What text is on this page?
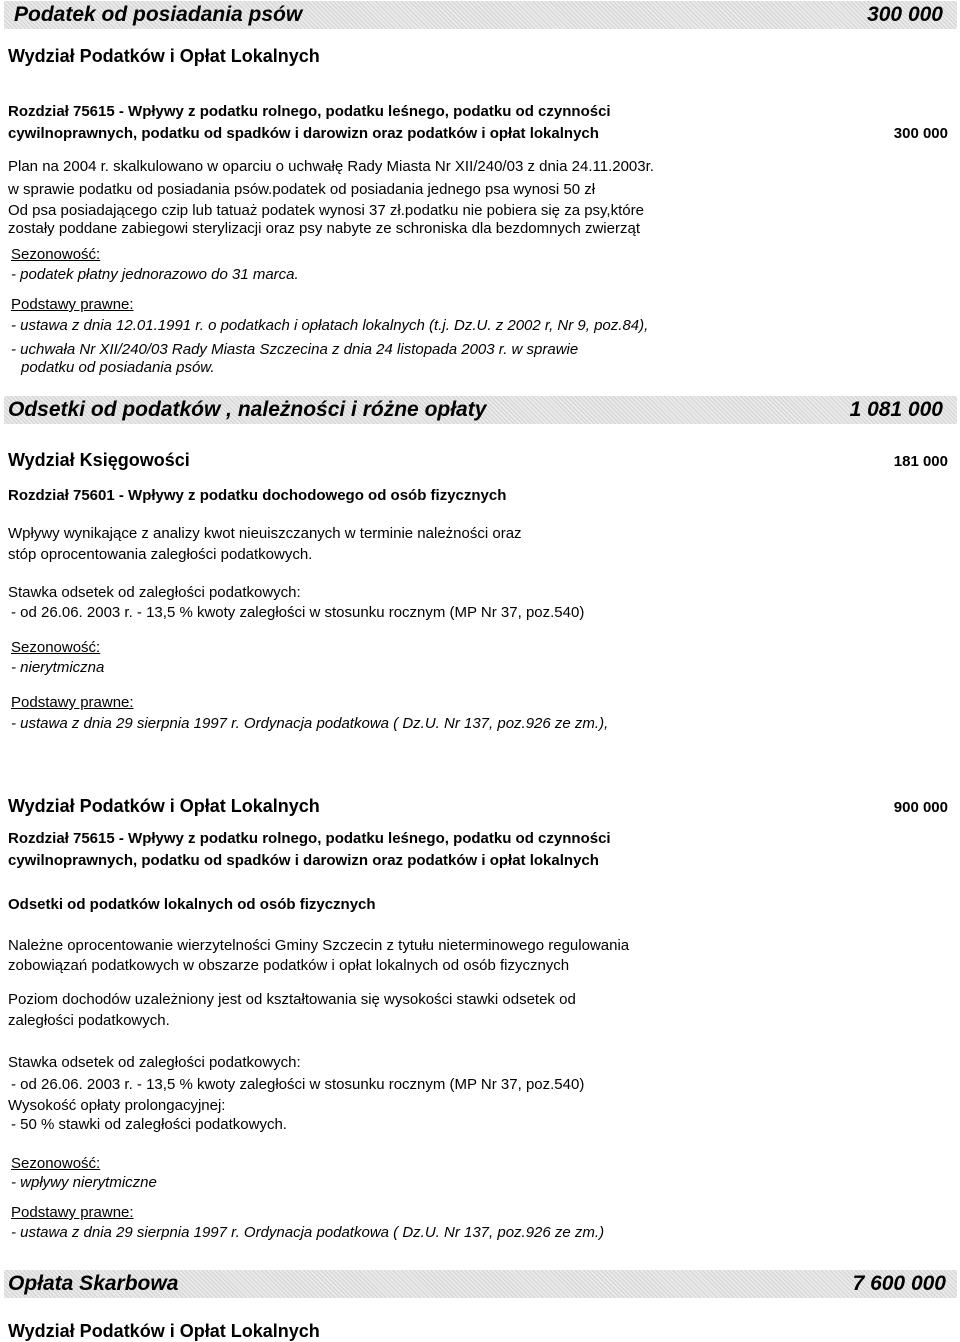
Podatek od posiadania psów	300 000
Wydział Podatków i Opłat Lokalnych
Rozdział 75615 - Wpływy z podatku rolnego, podatku leśnego, podatku od czynności
cywilnoprawnych, podatku od spadków i darowizn oraz podatków i opłat lokalnych	300 000
Plan na 2004 r. skalkulowano w oparciu o uchwałę Rady Miasta Nr XII/240/03 z dnia 24.11.2003r.
w sprawie podatku od posiadania psów.podatek od posiadania jednego psa wynosi 50 zł
Od psa posiadającego czip lub tatuaż podatek wynosi 37 zł.podatku nie pobiera się za psy,które
zostały poddane zabiegowi sterylizacji oraz psy nabyte ze schroniska dla bezdomnych zwierząt
Sezonowość:
- podatek płatny jednorazowo do 31 marca.
Podstawy prawne:
- ustawa z dnia 12.01.1991 r. o podatkach i opłatach lokalnych (t.j. Dz.U. z 2002 r, Nr 9, poz.84),
- uchwała Nr XII/240/03 Rady Miasta Szczecina z dnia 24 listopada 2003 r. w sprawie
podatku od posiadania psów.
Odsetki od podatków , należności i różne opłaty	1 081 000
Wydział Księgowości	181 000
Rozdział 75601 - Wpływy z podatku dochodowego od osób fizycznych
Wpływy wynikające z analizy kwot nieuiszczanych w terminie należności oraz
stóp oprocentowania zaległości podatkowych.
Stawka odsetek od zaległości podatkowych:
- od 26.06. 2003 r. - 13,5 % kwoty zaległości w stosunku rocznym (MP Nr 37, poz.540)
Sezonowość:
- nierytmiczna
Podstawy prawne:
- ustawa z dnia 29 sierpnia 1997 r. Ordynacja podatkowa ( Dz.U. Nr 137, poz.926 ze zm.),
Wydział Podatków i Opłat Lokalnych	900 000
Rozdział 75615 - Wpływy z podatku rolnego, podatku leśnego, podatku od czynności
cywilnoprawnych, podatku od spadków i darowizn oraz podatków i opłat lokalnych
Odsetki od podatków lokalnych od osób fizycznych
Należne oprocentowanie wierzytelności Gminy Szczecin z tytułu nieterminowego regulowania
zobowiązań podatkowych w obszarze podatków i opłat lokalnych od osób fizycznych
Poziom dochodów uzależniony jest od kształtowania się wysokości stawki odsetek od
zaległości podatkowych.
Stawka odsetek od zaległości podatkowych:
- od 26.06. 2003 r. - 13,5 % kwoty zaległości w stosunku rocznym (MP Nr 37, poz.540)
Wysokość opłaty prolongacyjnej:
- 50 % stawki od zaległości podatkowych.
Sezonowość:
- wpływy nierytmiczne
Podstawy prawne:
- ustawa z dnia 29 sierpnia 1997 r. Ordynacja podatkowa ( Dz.U. Nr 137, poz.926 ze zm.)
Opłata Skarbowa	7 600 000
Wydział Podatków i Opłat Lokalnych
